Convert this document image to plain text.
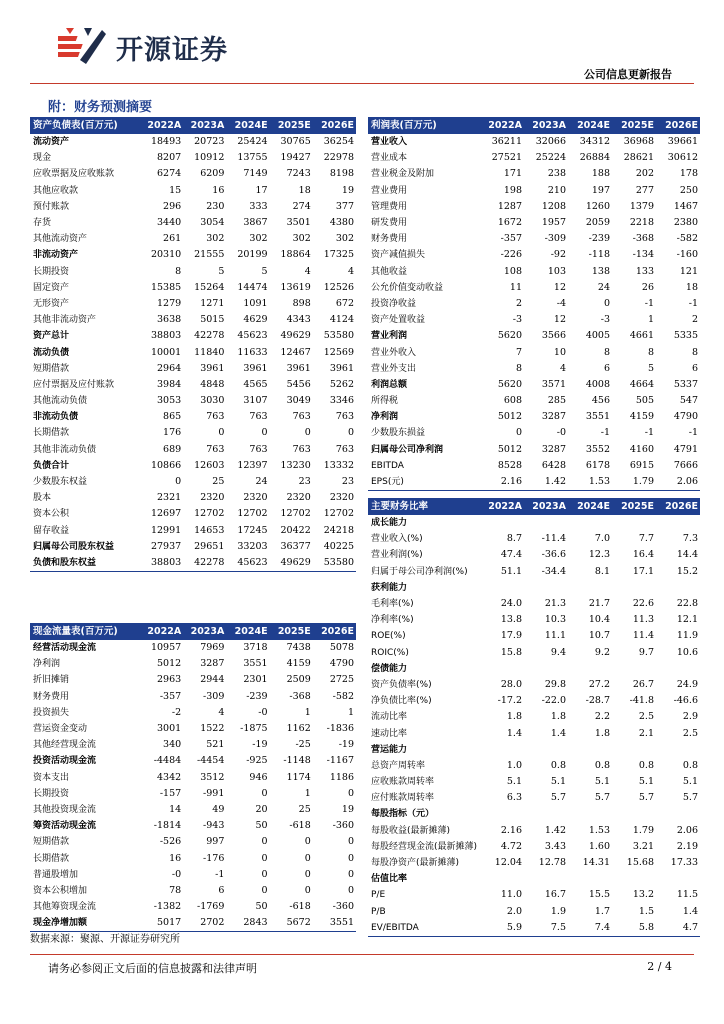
开源证券
公司信息更新报告
附：财务预测摘要
资产负债表(百万元)	2022A	2023A	2024E	2025E	2026E
流动资产	18493	20723	25424	30765	36254
现金	8207	10912	13755	19427	22978
应收票据及应收账款	6274	6209	7149	7243	8198
其他应收款	15	16	17	18	19
预付账款	296	230	333	274	377
存货	3440	3054	3867	3501	4380
其他流动资产	261	302	302	302	302
非流动资产	20310	21555	20199	18864	17325
长期投资	8	5	5	4	4
固定资产	15385	15264	14474	13619	12526
无形资产	1279	1271	1091	898	672
其他非流动资产	3638	5015	4629	4343	4124
资产总计	38803	42278	45623	49629	53580
流动负债	10001	11840	11633	12467	12569
短期借款	2964	3961	3961	3961	3961
应付票据及应付账款	3984	4848	4565	5456	5262
其他流动负债	3053	3030	3107	3049	3346
非流动负债	865	763	763	763	763
长期借款	176	0	0	0	0
其他非流动负债	689	763	763	763	763
负债合计	10866	12603	12397	13230	13332
少数股东权益	0	25	24	23	23
股本	2321	2320	2320	2320	2320
资本公积	12697	12702	12702	12702	12702
留存收益	12991	14653	17245	20422	24218
归属母公司股东权益	27937	29651	33203	36377	40225
负债和股东权益	38803	42278	45623	49629	53580
利润表(百万元)	2022A	2023A	2024E	2025E	2026E
营业收入	36211	32066	34312	36968	39661
营业成本	27521	25224	26884	28621	30612
营业税金及附加	171	238	188	202	178
营业费用	198	210	197	277	250
管理费用	1287	1208	1260	1379	1467
研发费用	1672	1957	2059	2218	2380
财务费用	-357	-309	-239	-368	-582
资产减值损失	-226	-92	-118	-134	-160
其他收益	108	103	138	133	121
公允价值变动收益	11	12	24	26	18
投资净收益	2	-4	0	-1	-1
资产处置收益	-3	12	-3	1	2
营业利润	5620	3566	4005	4661	5335
营业外收入	7	10	8	8	8
营业外支出	8	4	6	5	6
利润总额	5620	3571	4008	4664	5337
所得税	608	285	456	505	547
净利润	5012	3287	3551	4159	4790
少数股东损益	0	-0	-1	-1	-1
归属母公司净利润	5012	3287	3552	4160	4791
EBITDA	8528	6428	6178	6915	7666
EPS(元)	2.16	1.42	1.53	1.79	2.06
主要财务比率	2022A	2023A	2024E	2025E	2026E
成长能力					
营业收入(%)	8.7	-11.4	7.0	7.7	7.3
营业利润(%)	47.4	-36.6	12.3	16.4	14.4
归属于母公司净利润(%)	51.1	-34.4	8.1	17.1	15.2
获利能力					
毛利率(%)	24.0	21.3	21.7	22.6	22.8
净利率(%)	13.8	10.3	10.4	11.3	12.1
ROE(%)	17.9	11.1	10.7	11.4	11.9
ROIC(%)	15.8	9.4	9.2	9.7	10.6
偿债能力					
资产负债率(%)	28.0	29.8	27.2	26.7	24.9
净负债比率(%)	-17.2	-22.0	-28.7	-41.8	-46.6
流动比率	1.8	1.8	2.2	2.5	2.9
速动比率	1.4	1.4	1.8	2.1	2.5
营运能力					
总资产周转率	1.0	0.8	0.8	0.8	0.8
应收账款周转率	5.1	5.1	5.1	5.1	5.1
应付账款周转率	6.3	5.7	5.7	5.7	5.7
每股指标（元）					
每股收益(最新摊薄)	2.16	1.42	1.53	1.79	2.06
每股经营现金流(最新摊薄)	4.72	3.43	1.60	3.21	2.19
每股净资产(最新摊薄)	12.04	12.78	14.31	15.68	17.33
估值比率					
P/E	11.0	16.7	15.5	13.2	11.5
P/B	2.0	1.9	1.7	1.5	1.4
EV/EBITDA	5.9	7.5	7.4	5.8	4.7
现金流量表(百万元)	2022A	2023A	2024E	2025E	2026E
经营活动现金流	10957	7969	3718	7438	5078
净利润	5012	3287	3551	4159	4790
折旧摊销	2963	2944	2301	2509	2725
财务费用	-357	-309	-239	-368	-582
投资损失	-2	4	-0	1	1
营运资金变动	3001	1522	-1875	1162	-1836
其他经营现金流	340	521	-19	-25	-19
投资活动现金流	-4484	-4454	-925	-1148	-1167
资本支出	4342	3512	946	1174	1186
长期投资	-157	-991	0	1	0
其他投资现金流	14	49	20	25	19
筹资活动现金流	-1814	-943	50	-618	-360
短期借款	-526	997	0	0	0
长期借款	16	-176	0	0	0
普通股增加	-0	-1	0	0	0
资本公积增加	78	6	0	0	0
其他筹资现金流	-1382	-1769	50	-618	-360
现金净增加额	5017	2702	2843	5672	3551
数据来源：聚源、开源证券研究所
请务必参阅正文后面的信息披露和法律声明	2 / 4
